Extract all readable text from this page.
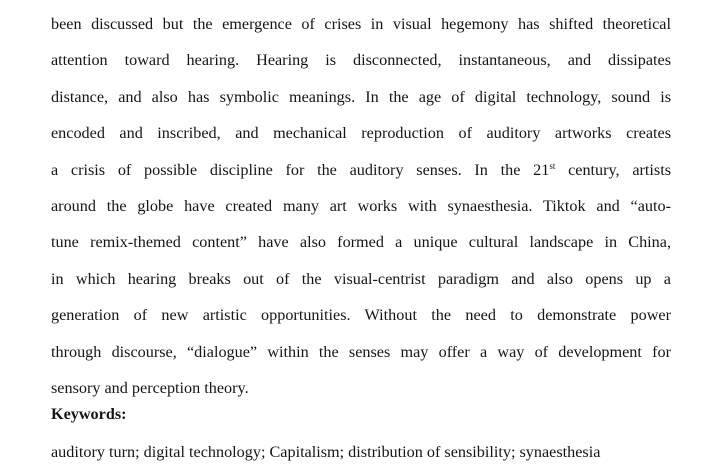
been discussed but the emergence of crises in visual hegemony has shifted theoretical
attention toward hearing. Hearing is disconnected, instantaneous, and dissipates
distance, and also has symbolic meanings. In the age of digital technology, sound is
encoded and inscribed, and mechanical reproduction of auditory artworks creates
a crisis of possible discipline for the auditory senses. In the 21st century, artists
around the globe have created many art works with synaesthesia. Tiktok and “auto-
tune remix-themed content” have also formed a unique cultural landscape in China,
in which hearing breaks out of the visual-centrist paradigm and also opens up a
generation of new artistic opportunities. Without the need to demonstrate power
through discourse, “dialogue” within the senses may offer a way of development for
sensory and perception theory.

Keywords:

auditory turn; digital technology; Capitalism; distribution of sensibility; synaesthesia
